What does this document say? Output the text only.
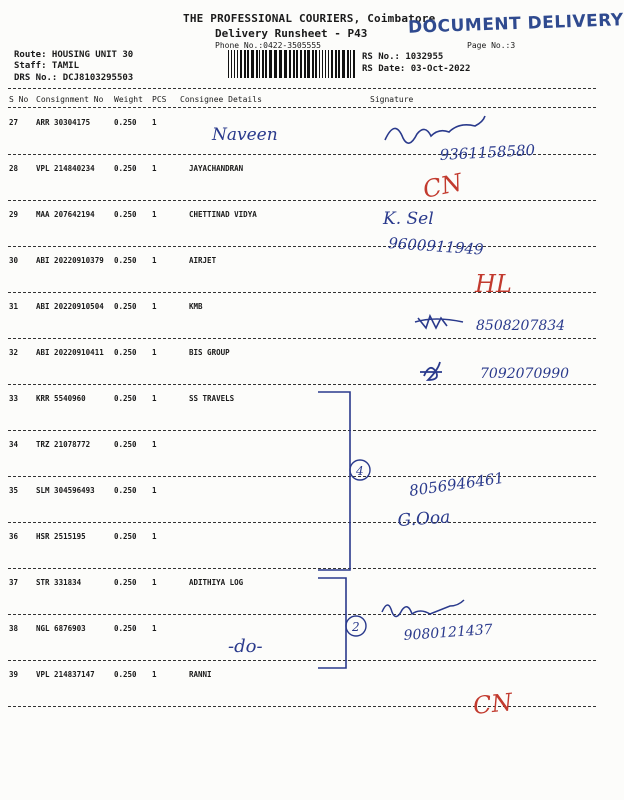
THE PROFESSIONAL COURIERS, Coimbatore
Delivery Runsheet - P43
Phone No.:0422-3505555
DOCUMENT DELIVERY
Page No.:3
Route: HOUSING UNIT 30
Staff: TAMIL
DRS No.: DCJ8103295503
RS No.: 1032955
RS Date: 03-Oct-2022
S No Consignment No Weight PCS Consignee Details	Signature
27 ARR 30304175	0.250 1
28 VPL 214840234	0.250 1	JAYACHANDRAN
29 MAA 207642194	0.250 1	CHETTINAD VIDYA
30 ABI 20220910379 0.250 1	AIRJET
31 ABI 20220910504 0.250 1	KMB
32 ABI 20220910411 0.250 1	BIS GROUP
33 KRR 5540960	0.250 1	SS TRAVELS
34 TRZ 21078772	0.250 1
35 SLM 304596493	0.250 1
36 HSR 2515195	0.250 1
37 STR 331834	0.250 1	ADITHIYA LOG
38 NGL 6876903	0.250 1
39 VPL 214837147	0.250 1	RANNI
Naveen
9361158580
CN
K. Sel
9600911949
HL
8508207834
7092070990
4	8056946461
G.Ooa
2	9080121437
-do-
CN
